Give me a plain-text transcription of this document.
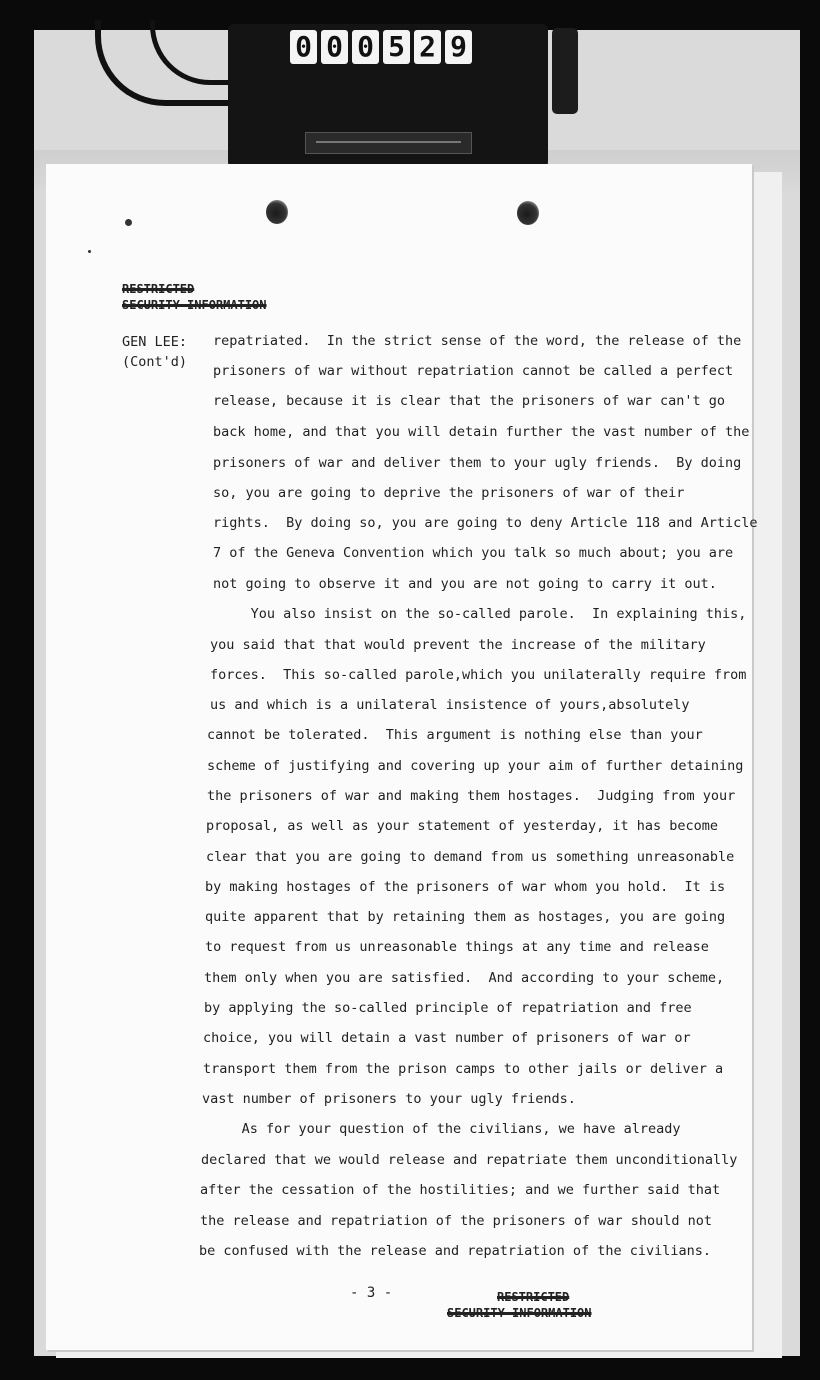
0 0 0 5 2 9
RESTRICTED
SECURITY INFORMATION
GEN LEE:
(Cont'd)
repatriated.  In the strict sense of the word, the release of the
prisoners of war without repatriation cannot be called a perfect
release, because it is clear that the prisoners of war can't go
back home, and that you will detain further the vast number of the
prisoners of war and deliver them to your ugly friends.  By doing
so, you are going to deprive the prisoners of war of their
rights.  By doing so, you are going to deny Article 118 and Article
7 of the Geneva Convention which you talk so much about; you are
not going to observe it and you are not going to carry it out.
You also insist on the so-called parole.  In explaining this,
you said that that would prevent the increase of the military
forces.  This so-called parole,which you unilaterally require from
us and which is a unilateral insistence of yours,absolutely
cannot be tolerated.  This argument is nothing else than your
scheme of justifying and covering up your aim of further detaining
the prisoners of war and making them hostages.  Judging from your
proposal, as well as your statement of yesterday, it has become
clear that you are going to demand from us something unreasonable
by making hostages of the prisoners of war whom you hold.  It is
quite apparent that by retaining them as hostages, you are going
to request from us unreasonable things at any time and release
them only when you are satisfied.  And according to your scheme,
by applying the so-called principle of repatriation and free
choice, you will detain a vast number of prisoners of war or
transport them from the prison camps to other jails or deliver a
vast number of prisoners to your ugly friends.
As for your question of the civilians, we have already
declared that we would release and repatriate them unconditionally
after the cessation of the hostilities; and we further said that
the release and repatriation of the prisoners of war should not
be confused with the release and repatriation of the civilians.
- 3 -	RESTRICTED
SECURITY INFORMATION
